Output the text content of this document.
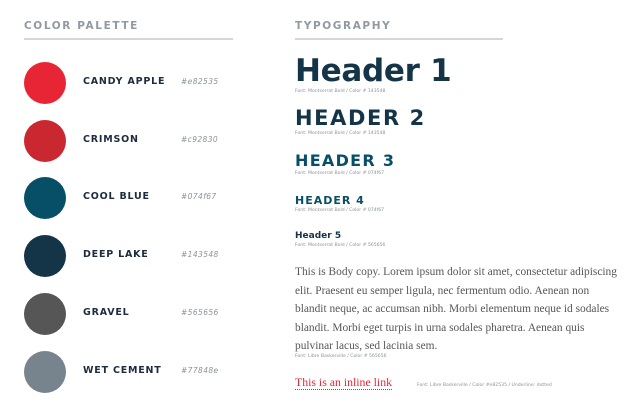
COLOR PALETTE
CANDY APPLE #e82535
CRIMSON	#c92830
COOL BLUE	#074f67
DEEP LAKE	#143548
GRAVEL	#565656
WET CEMENT	#77848e
TYPOGRAPHY
Header 1
Font: Montserrat Bold / Color # 143548
HEADER 2
Font: Montserrat Bold / Color # 143548
HEADER 3
Font: Montserrat Bold / Color # 074f67
HEADER 4
Font: Montserrat Bold / Color # 074f67
Header 5
Font: Montserrat Bold / Color # 565656
This is Body copy. Lorem ipsum dolor sit amet, consectetur adipiscing elit. Praesent eu semper ligula, nec fermentum odio. Aenean non blandit neque, ac accumsan nibh. Morbi elementum neque id sodales blandit. Morbi eget turpis in urna sodales pharetra. Aenean quis pulvinar lacus, sed lacinia sem.
Font: Libre Baskerville / Color # 565656
This is an inline link	Font: Libre Baskerville / Color #e82535 / Underline: dotted
